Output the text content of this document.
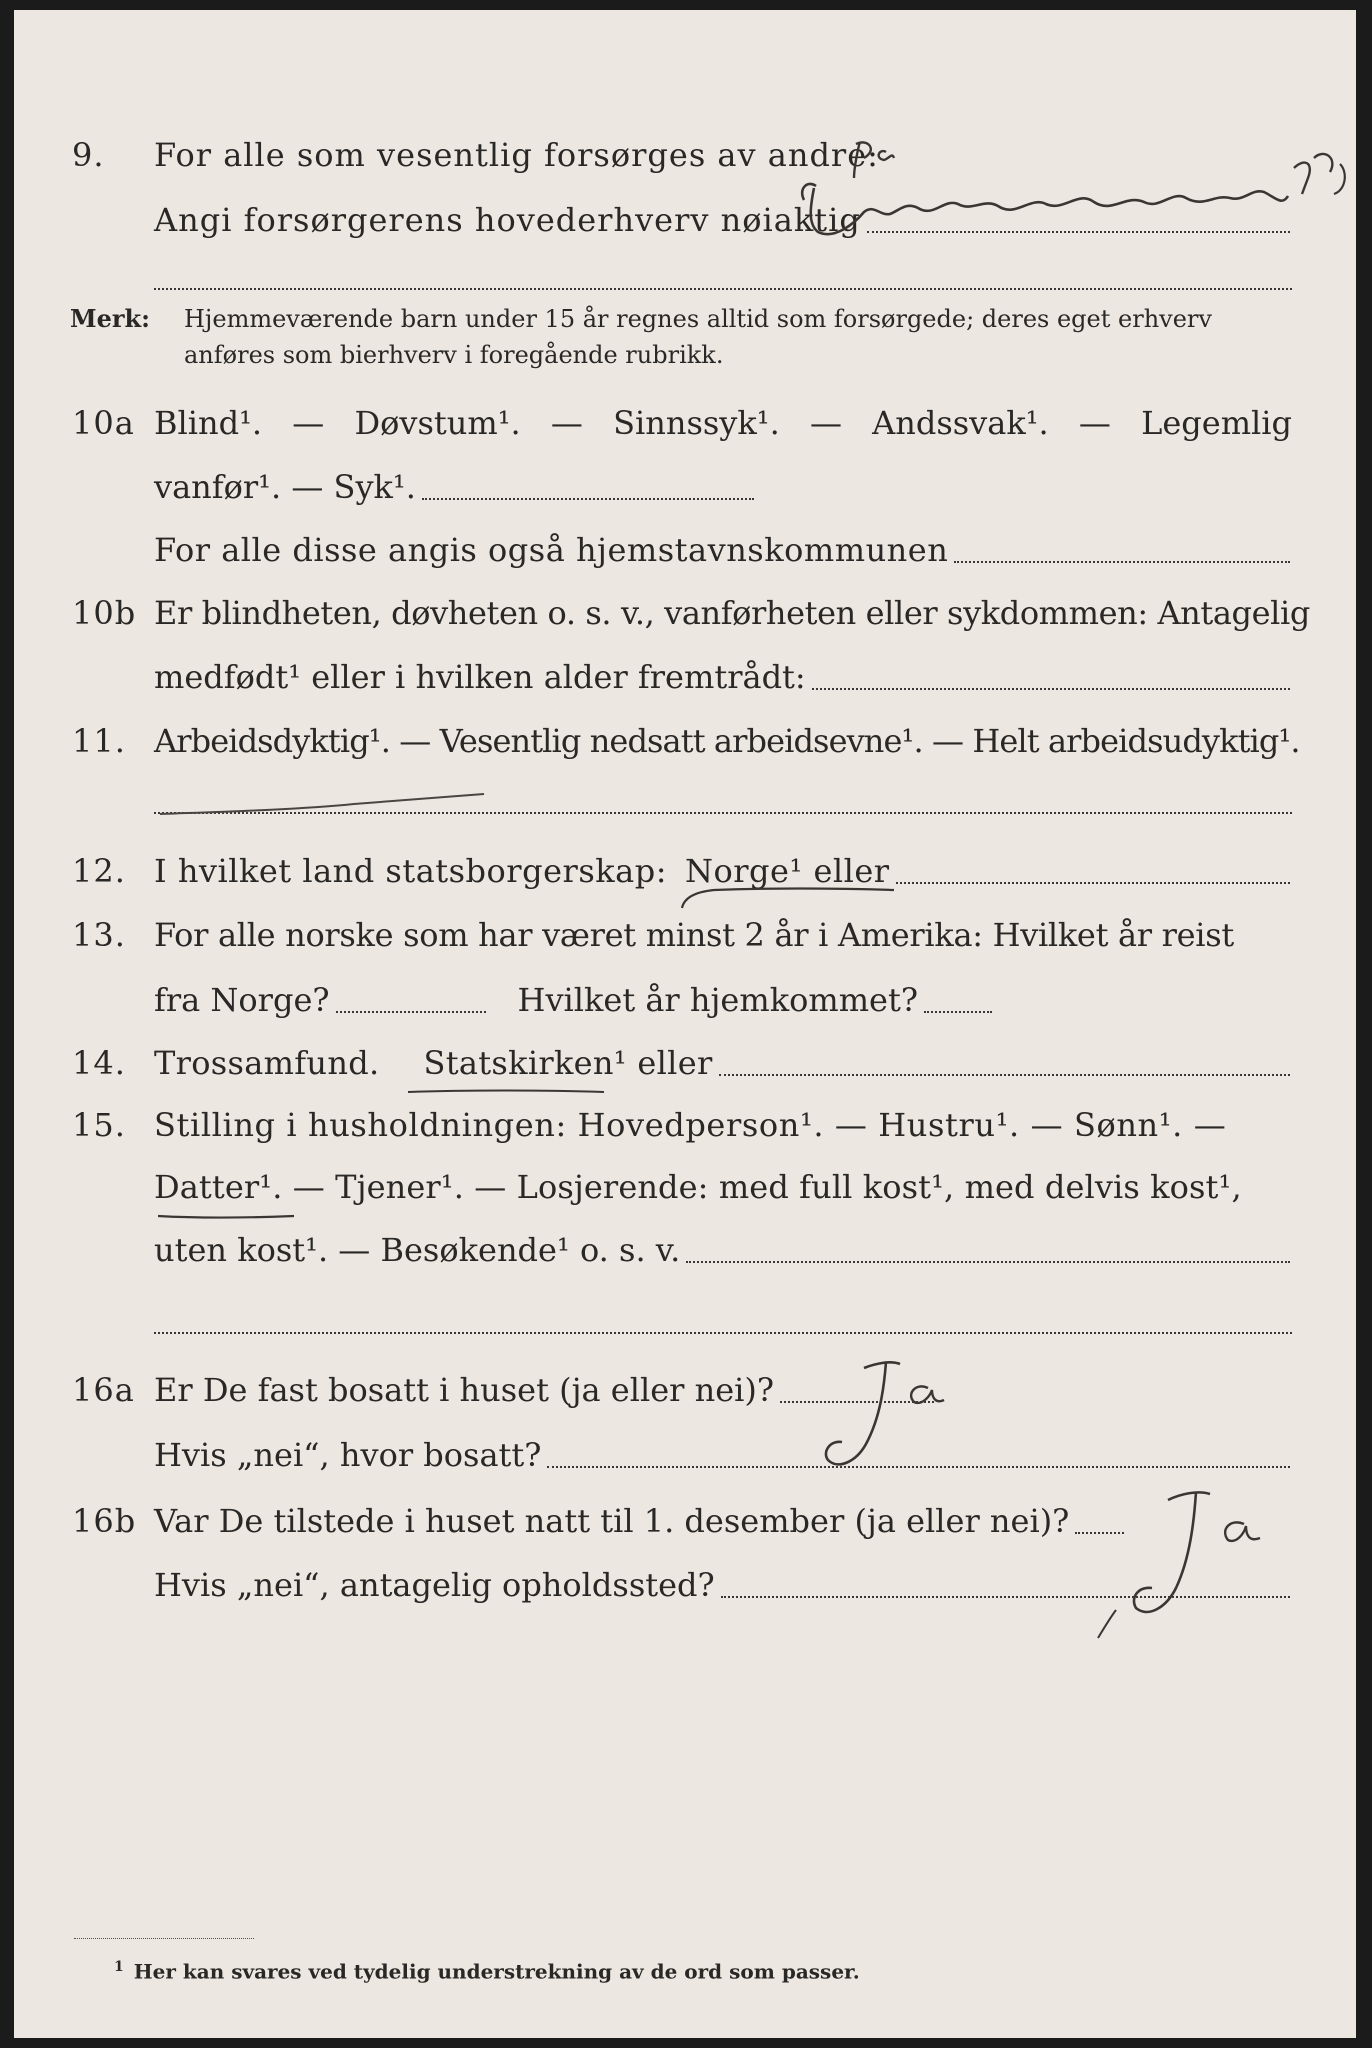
9. For alle som vesentlig forsørges av andre:
Angi forsørgerens hovederhverv nøiaktig
Merk: Hjemmeværende barn under 15 år regnes alltid som forsørgede; deres eget erhverv
anføres som bierhverv i foregående rubrikk.
10a Blind¹. — Døvstum¹. — Sinnssyk¹. — Andssvak¹. — Legemlig
vanfør¹. — Syk¹.
For alle disse angis også hjemstavnskommunen
10b Er blindheten, døvheten o. s. v., vanførheten eller sykdommen: Antagelig
medfødt¹ eller i hvilken alder fremtrådt:
11. Arbeidsdyktig¹. — Vesentlig nedsatt arbeidsevne¹. — Helt arbeidsudyktig¹.
12. I hvilket land statsborgerskap: Norge¹ eller
13. For alle norske som har været minst 2 år i Amerika: Hvilket år reist
fra Norge?	Hvilket år hjemkommet?
14. Trossamfund. Statskirken¹ eller
15. Stilling i husholdningen: Hovedperson¹. — Hustru¹. — Sønn¹. —
Datter¹. — Tjener¹. — Losjerende: med full kost¹, med delvis kost¹,
uten kost¹. — Besøkende¹ o. s. v.
16a Er De fast bosatt i huset (ja eller nei)?
Hvis „nei“, hvor bosatt?
16b Var De tilstede i huset natt til 1. desember (ja eller nei)?
Hvis „nei“, antagelig opholdssted?
$^1$ Her kan svares ved tydelig understrekning av de ord som passer.
